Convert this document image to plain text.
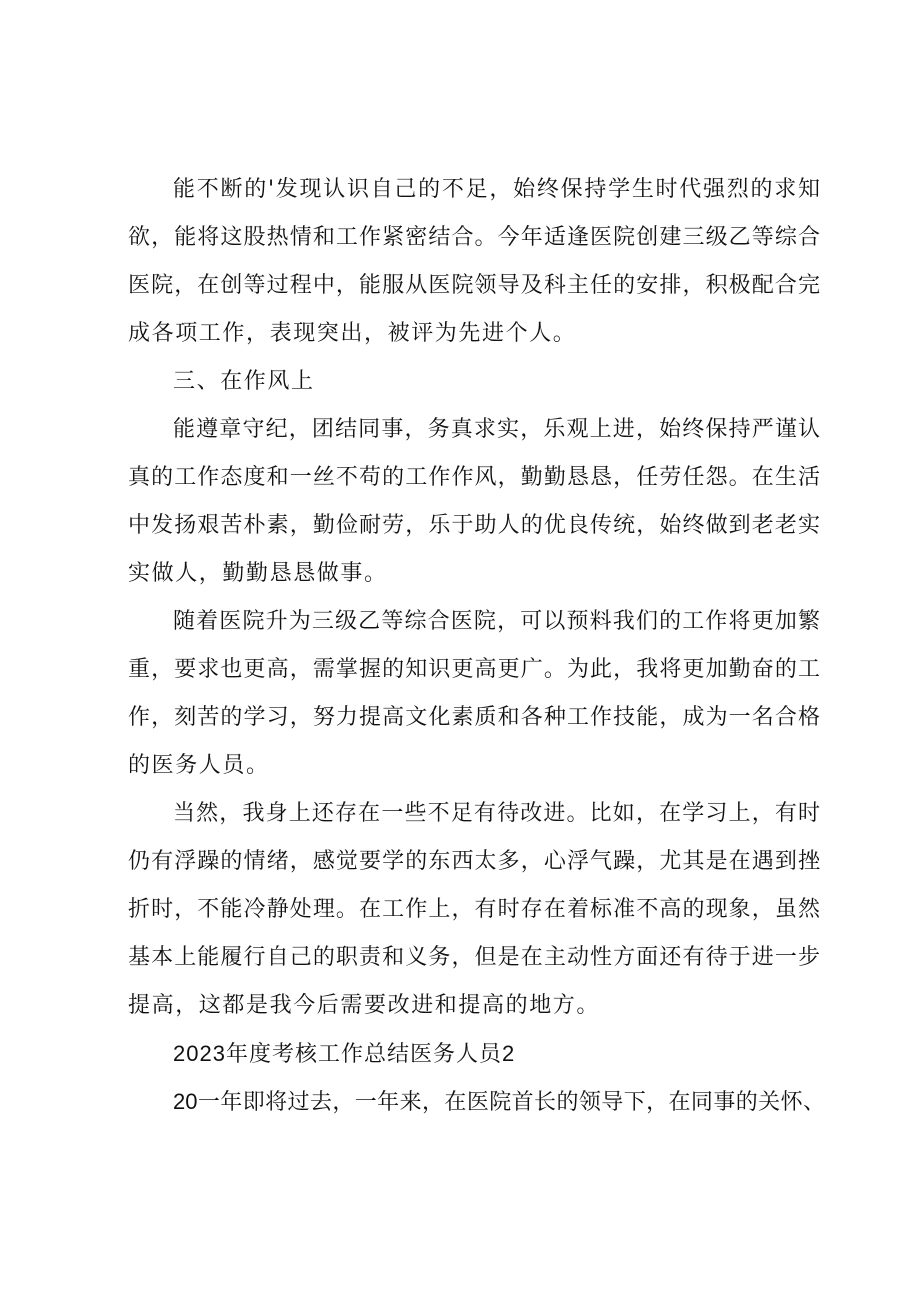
能不断的'发现认识自己的不足，始终保持学生时代强烈的求知

欲，能将这股热情和工作紧密结合。今年适逢医院创建三级乙等综合

医院，在创等过程中，能服从医院领导及科主任的安排，积极配合完

成各项工作，表现突出，被评为先进个人。

三、在作风上

能遵章守纪，团结同事，务真求实，乐观上进，始终保持严谨认

真的工作态度和一丝不苟的工作作风，勤勤恳恳，任劳任怨。在生活

中发扬艰苦朴素，勤俭耐劳，乐于助人的优良传统，始终做到老老实

实做人，勤勤恳恳做事。

随着医院升为三级乙等综合医院，可以预料我们的工作将更加繁

重，要求也更高，需掌握的知识更高更广。为此，我将更加勤奋的工

作，刻苦的学习，努力提高文化素质和各种工作技能，成为一名合格

的医务人员。

当然，我身上还存在一些不足有待改进。比如，在学习上，有时

仍有浮躁的情绪，感觉要学的东西太多，心浮气躁，尤其是在遇到挫

折时，不能冷静处理。在工作上，有时存在着标准不高的现象，虽然

基本上能履行自己的职责和义务，但是在主动性方面还有待于进一步

提高，这都是我今后需要改进和提高的地方。

2023年度考核工作总结医务人员2

20一年即将过去，一年来，在医院首长的领导下，在同事的关怀、
